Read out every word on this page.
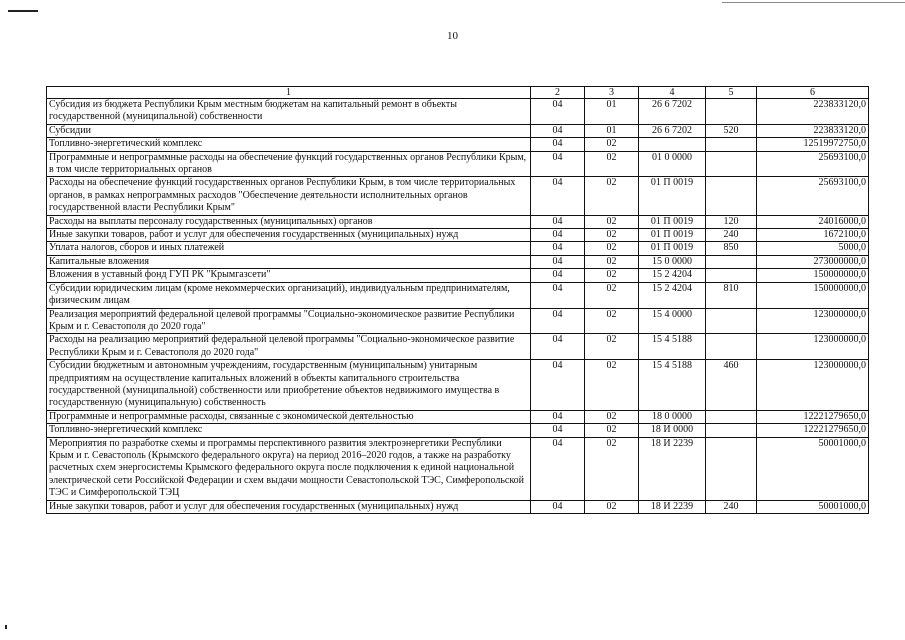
10
1	2	3	4	5	6
Субсидия из бюджета Республики Крым местным бюджетам на капитальный ремонт в объекты государственной (муниципальной) собственности	04	01	26 6 7202		223833120,0
Субсидии	04	01	26 6 7202	520	223833120,0
Топливно-энергетический комплекс	04	02			12519972750,0
Программные и непрограммные расходы на обеспечение функций государственных органов Республики Крым, в том числе территориальных органов	04	02	01 0 0000		25693100,0
Расходы на обеспечение функций государственных органов Республики Крым, в том числе территориальных органов, в рамках непрограммных расходов "Обеспечение деятельности исполнительных органов государственной власти Республики Крым"	04	02	01 П 0019		25693100,0
Расходы на выплаты персоналу государственных (муниципальных) органов	04	02	01 П 0019	120	24016000,0
Иные закупки товаров, работ и услуг для обеспечения государственных (муниципальных) нужд	04	02	01 П 0019	240	1672100,0
Уплата налогов, сборов и иных платежей	04	02	01 П 0019	850	5000,0
Капитальные вложения	04	02	15 0 0000		273000000,0
Вложения в уставный фонд ГУП РК "Крымгазсети"	04	02	15 2 4204		150000000,0
Субсидии юридическим лицам (кроме некоммерческих организаций), индивидуальным предпринимателям, физическим лицам	04	02	15 2 4204	810	150000000,0
Реализация мероприятий федеральной целевой программы "Социально-экономическое развитие Республики Крым и г. Севастополя до 2020 года"	04	02	15 4 0000		123000000,0
Расходы на реализацию мероприятий федеральной целевой программы "Социально-экономическое развитие Республики Крым и г. Севастополя до 2020 года"	04	02	15 4 5188		123000000,0
Субсидии бюджетным и автономным учреждениям, государственным (муниципальным) унитарным предприятиям на осуществление капитальных вложений в объекты капитального строительства государственной (муниципальной) собственности или приобретение объектов недвижимого имущества в государственную (муниципальную) собственность	04	02	15 4 5188	460	123000000,0
Программные и непрограммные расходы, связанные с экономической деятельностью	04	02	18 0 0000		12221279650,0
Топливно-энергетический комплекс	04	02	18 И 0000		12221279650,0
Мероприятия по разработке схемы и программы перспективного развития электроэнергетики Республики Крым и г. Севастополь (Крымского федерального округа) на период 2016–2020 годов, а также на разработку расчетных схем энергосистемы Крымского федерального округа после подключения к единой национальной электрической сети Российской Федерации и схем выдачи мощности Севастопольской ТЭС, Симферопольской ТЭС и Симферопольской ТЭЦ	04	02	18 И 2239		50001000,0
Иные закупки товаров, работ и услуг для обеспечения государственных (муниципальных) нужд	04	02	18 И 2239	240	50001000,0
